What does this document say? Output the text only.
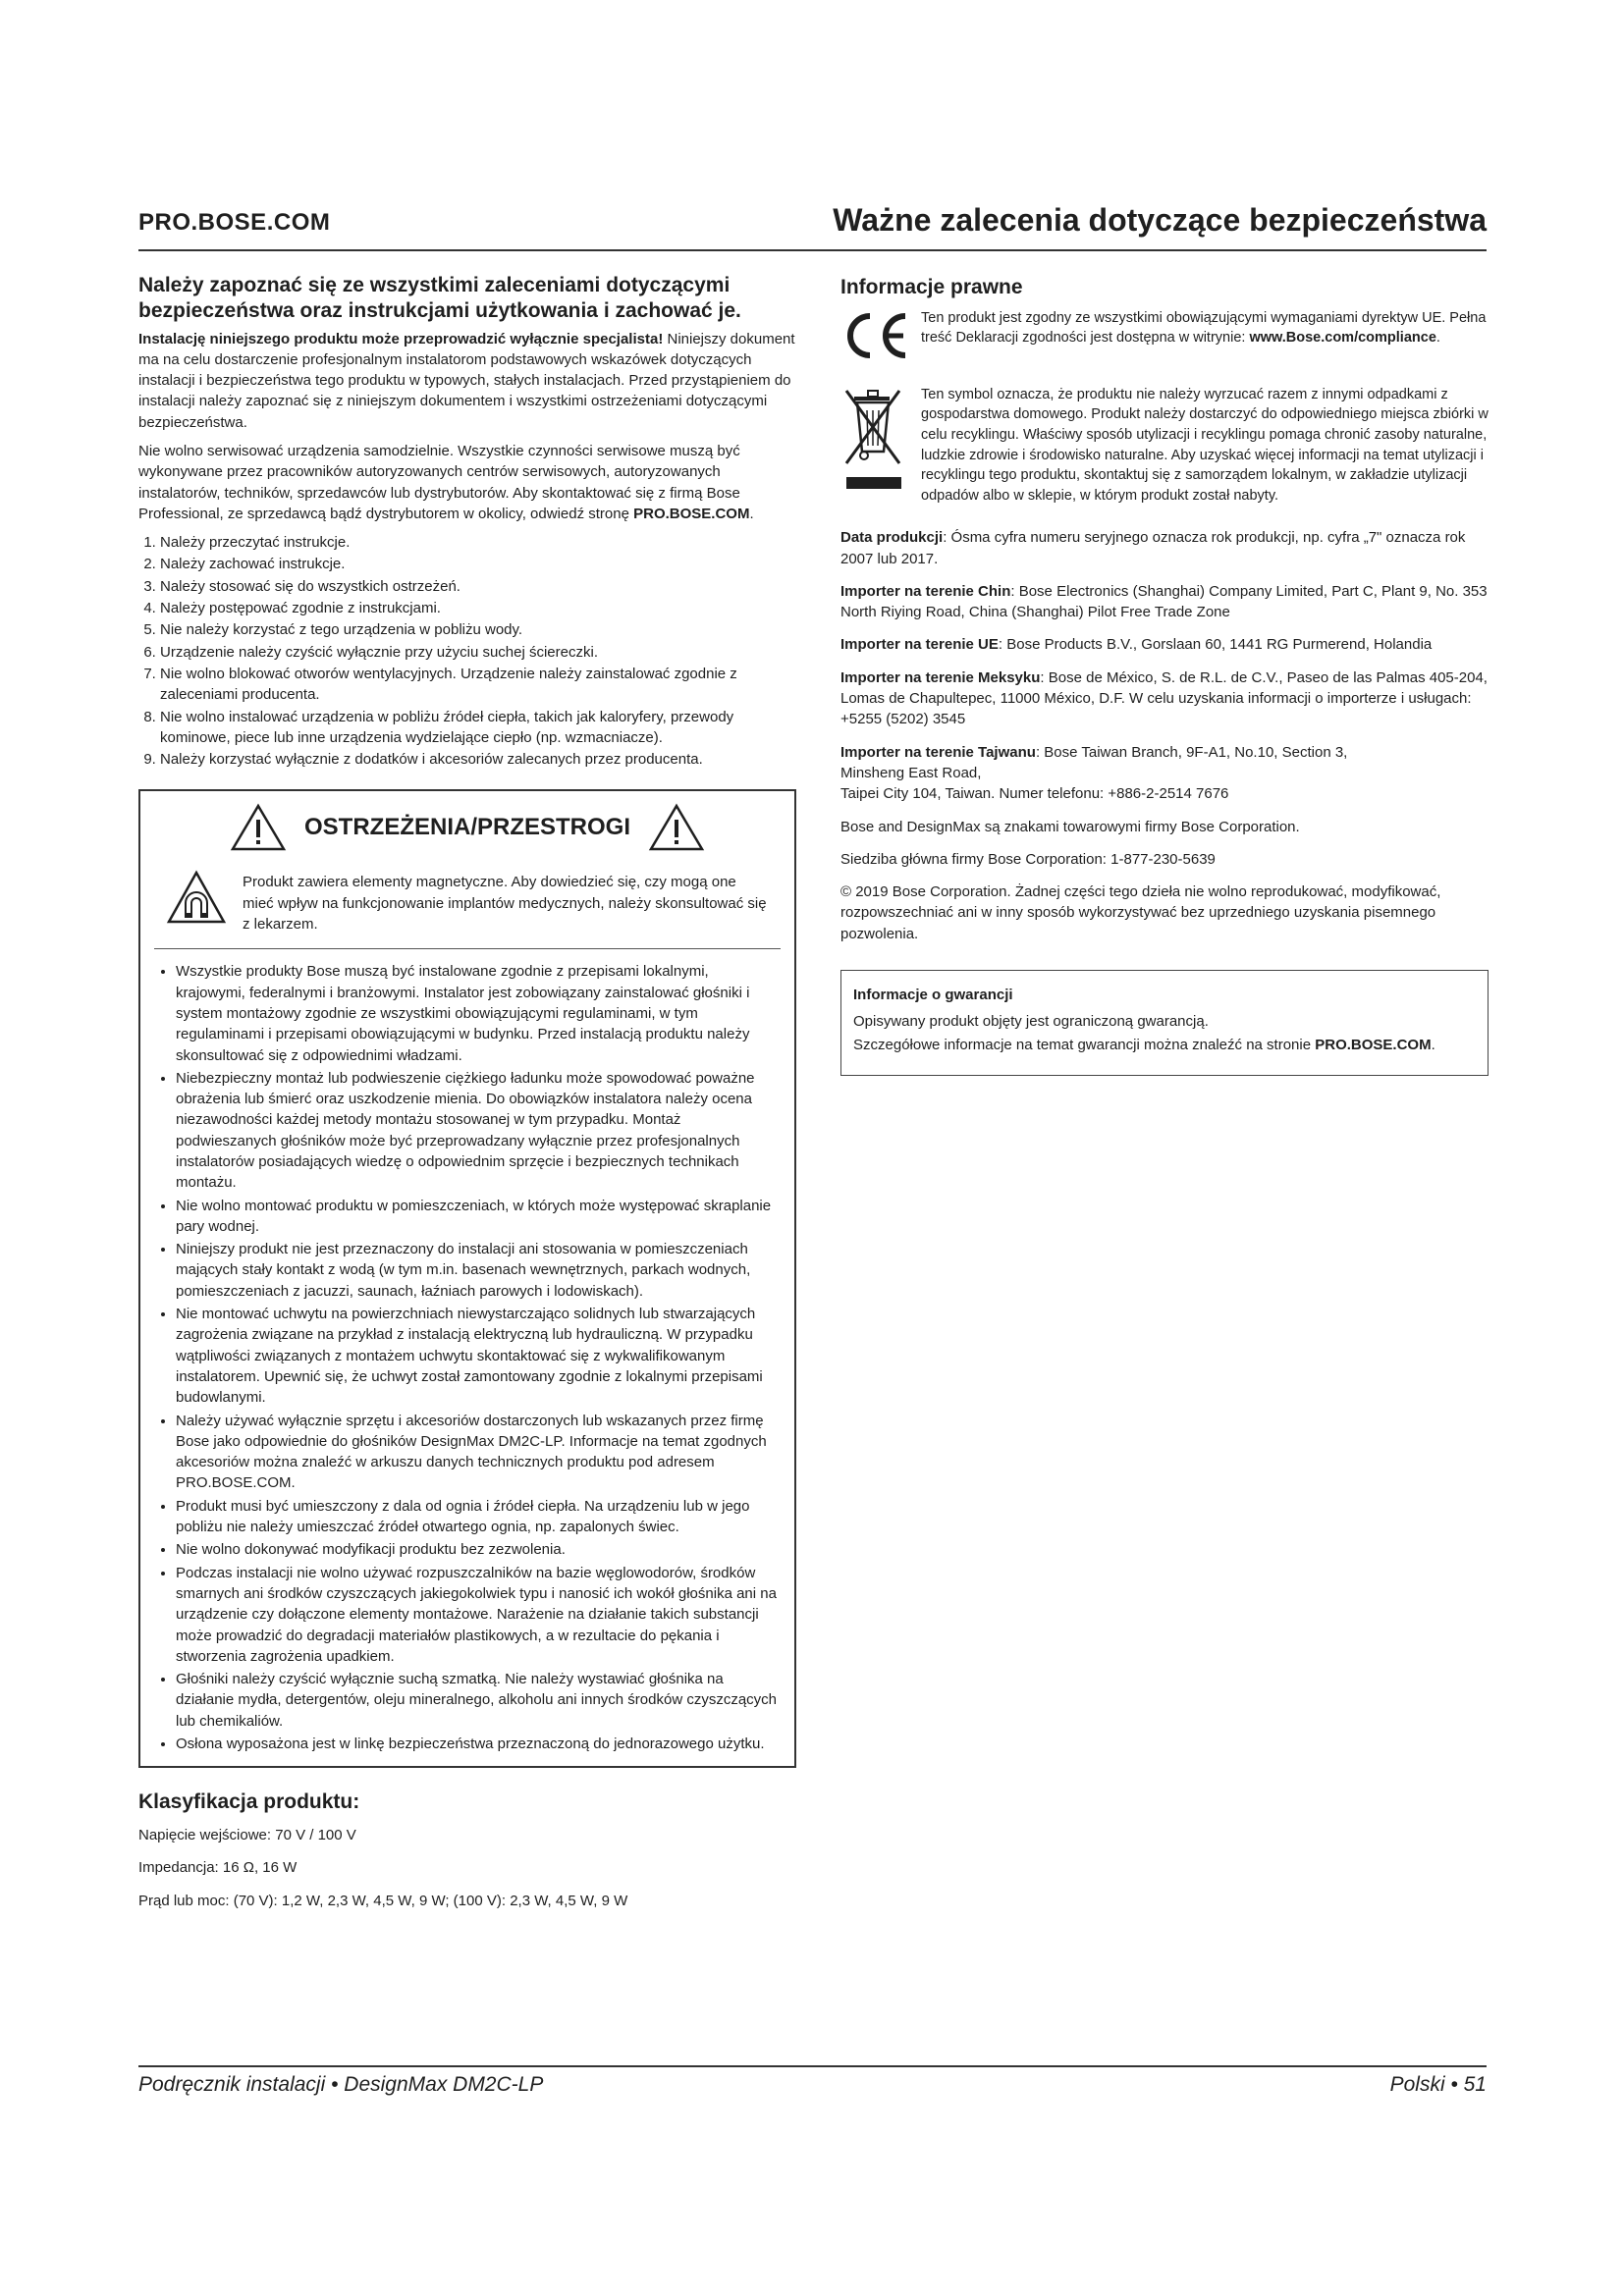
PRO.BOSE.COM	Ważne zalecenia dotyczące bezpieczeństwa
Należy zapoznać się ze wszystkimi zaleceniami dotyczącymi bezpieczeństwa oraz instrukcjami użytkowania i zachować je.

Instalację niniejszego produktu może przeprowadzić wyłącznie specjalista! Niniejszy dokument ma na celu dostarczenie profesjonalnym instalatorom podstawowych wskazówek dotyczących instalacji i bezpieczeństwa tego produktu w typowych, stałych instalacjach. Przed przystąpieniem do instalacji należy zapoznać się z niniejszym dokumentem i wszystkimi ostrzeżeniami dotyczącymi bezpieczeństwa.

Nie wolno serwisować urządzenia samodzielnie. Wszystkie czynności serwisowe muszą być wykonywane przez pracowników autoryzowanych centrów serwisowych, autoryzowanych instalatorów, techników, sprzedawców lub dystrybutorów. Aby skontaktować się z firmą Bose Professional, ze sprzedawcą bądź dystrybutorem w okolicy, odwiedź stronę PRO.BOSE.COM.

1. Należy przeczytać instrukcje.
2. Należy zachować instrukcje.
3. Należy stosować się do wszystkich ostrzeżeń.
4. Należy postępować zgodnie z instrukcjami.
5. Nie należy korzystać z tego urządzenia w pobliżu wody.
6. Urządzenie należy czyścić wyłącznie przy użyciu suchej ściereczki.
7. Nie wolno blokować otworów wentylacyjnych. Urządzenie należy zainstalować zgodnie z zaleceniami producenta.
8. Nie wolno instalować urządzenia w pobliżu źródeł ciepła, takich jak kaloryfery, przewody kominowe, piece lub inne urządzenia wydzielające ciepło (np. wzmacniacze).
9. Należy korzystać wyłącznie z dodatków i akcesoriów zalecanych przez producenta.
OSTRZEŻENIA/PRZESTROGI
Produkt zawiera elementy magnetyczne. Aby dowiedzieć się, czy mogą one mieć wpływ na funkcjonowanie implantów medycznych, należy skonsultować się z lekarzem.
• Wszystkie produkty Bose muszą być instalowane zgodnie z przepisami lokalnymi, krajowymi, federalnymi i branżowymi. Instalator jest zobowiązany zainstalować głośniki i system montażowy zgodnie ze wszystkimi obowiązującymi regulaminami, w tym regulaminami i przepisami obowiązującymi w budynku. Przed instalacją produktu należy skonsultować się z odpowiednimi władzami.
• Niebezpieczny montaż lub podwieszenie ciężkiego ładunku może spowodować poważne obrażenia lub śmierć oraz uszkodzenie mienia. Do obowiązków instalatora należy ocena niezawodności każdej metody montażu stosowanej w tym przypadku. Montaż podwieszanych głośników może być przeprowadzany wyłącznie przez profesjonalnych instalatorów posiadających wiedzę o odpowiednim sprzęcie i bezpiecznych technikach montażu.
• Nie wolno montować produktu w pomieszczeniach, w których może występować skraplanie pary wodnej.
• Niniejszy produkt nie jest przeznaczony do instalacji ani stosowania w pomieszczeniach mających stały kontakt z wodą (w tym m.in. basenach wewnętrznych, parkach wodnych, pomieszczeniach z jacuzzi, saunach, łaźniach parowych i lodowiskach).
• Nie montować uchwytu na powierzchniach niewystarczająco solidnych lub stwarzających zagrożenia związane na przykład z instalacją elektryczną lub hydrauliczną. W przypadku wątpliwości związanych z montażem uchwytu skontaktować się z wykwalifikowanym instalatorem. Upewnić się, że uchwyt został zamontowany zgodnie z lokalnymi przepisami budowlanymi.
• Należy używać wyłącznie sprzętu i akcesoriów dostarczonych lub wskazanych przez firmę Bose jako odpowiednie do głośników DesignMax DM2C-LP. Informacje na temat zgodnych akcesoriów można znaleźć w arkuszu danych technicznych produktu pod adresem PRO.BOSE.COM.
• Produkt musi być umieszczony z dala od ognia i źródeł ciepła. Na urządzeniu lub w jego pobliżu nie należy umieszczać źródeł otwartego ognia, np. zapalonych świec.
• Nie wolno dokonywać modyfikacji produktu bez zezwolenia.
• Podczas instalacji nie wolno używać rozpuszczalników na bazie węglowodorów, środków smarnych ani środków czyszczących jakiegokolwiek typu i nanosić ich wokół głośnika ani na urządzenie czy dołączone elementy montażowe. Narażenie na działanie takich substancji może prowadzić do degradacji materiałów plastikowych, a w rezultacie do pękania i stworzenia zagrożenia upadkiem.
• Głośniki należy czyścić wyłącznie suchą szmatką. Nie należy wystawiać głośnika na działanie mydła, detergentów, oleju mineralnego, alkoholu ani innych środków czyszczących lub chemikaliów.
• Osłona wyposażona jest w linkę bezpieczeństwa przeznaczoną do jednorazowego użytku.
Klasyfikacja produktu:

Napięcie wejściowe: 70 V / 100 V

Impedancja: 16 Ω, 16 W

Prąd lub moc: (70 V): 1,2 W, 2,3 W, 4,5 W, 9 W; (100 V): 2,3 W, 4,5 W, 9 W

Informacje prawne
Ten produkt jest zgodny ze wszystkimi obowiązującymi wymaganiami dyrektyw UE. Pełna treść Deklaracji zgodności jest dostępna w witrynie: www.Bose.com/compliance.
Ten symbol oznacza, że produktu nie należy wyrzucać razem z innymi odpadkami z gospodarstwa domowego. Produkt należy dostarczyć do odpowiedniego miejsca zbiórki w celu recyklingu. Właściwy sposób utylizacji i recyklingu pomaga chronić zasoby naturalne, ludzkie zdrowie i środowisko naturalne. Aby uzyskać więcej informacji na temat utylizacji i recyklingu tego produktu, skontaktuj się z samorządem lokalnym, w zakładzie utylizacji odpadów albo w sklepie, w którym produkt został nabyty.

Data produkcji: Ósma cyfra numeru seryjnego oznacza rok produkcji, np. cyfra „7" oznacza rok 2007 lub 2017.

Importer na terenie Chin: Bose Electronics (Shanghai) Company Limited, Part C, Plant 9, No. 353 North Riying Road, China (Shanghai) Pilot Free Trade Zone

Importer na terenie UE: Bose Products B.V., Gorslaan 60, 1441 RG Purmerend, Holandia

Importer na terenie Meksyku: Bose de México, S. de R.L. de C.V., Paseo de las Palmas 405-204, Lomas de Chapultepec, 11000 México, D.F. W celu uzyskania informacji o importerze i usługach: +5255 (5202) 3545

Importer na terenie Tajwanu: Bose Taiwan Branch, 9F-A1, No.10, Section 3,
Minsheng East Road,
Taipei City 104, Taiwan. Numer telefonu: +886-2-2514 7676

Bose and DesignMax są znakami towarowymi firmy Bose Corporation.

Siedziba główna firmy Bose Corporation: 1-877-230-5639

© 2019 Bose Corporation. Żadnej części tego dzieła nie wolno reprodukować, modyfikować, rozpowszechniać ani w inny sposób wykorzystywać bez uprzedniego uzyskania pisemnego pozwolenia.

Informacje o gwarancji

Opisywany produkt objęty jest ograniczoną gwarancją.

Szczegółowe informacje na temat gwarancji można znaleźć na stronie PRO.BOSE.COM.

Podręcznik instalacji • DesignMax DM2C-LP	Polski • 51
